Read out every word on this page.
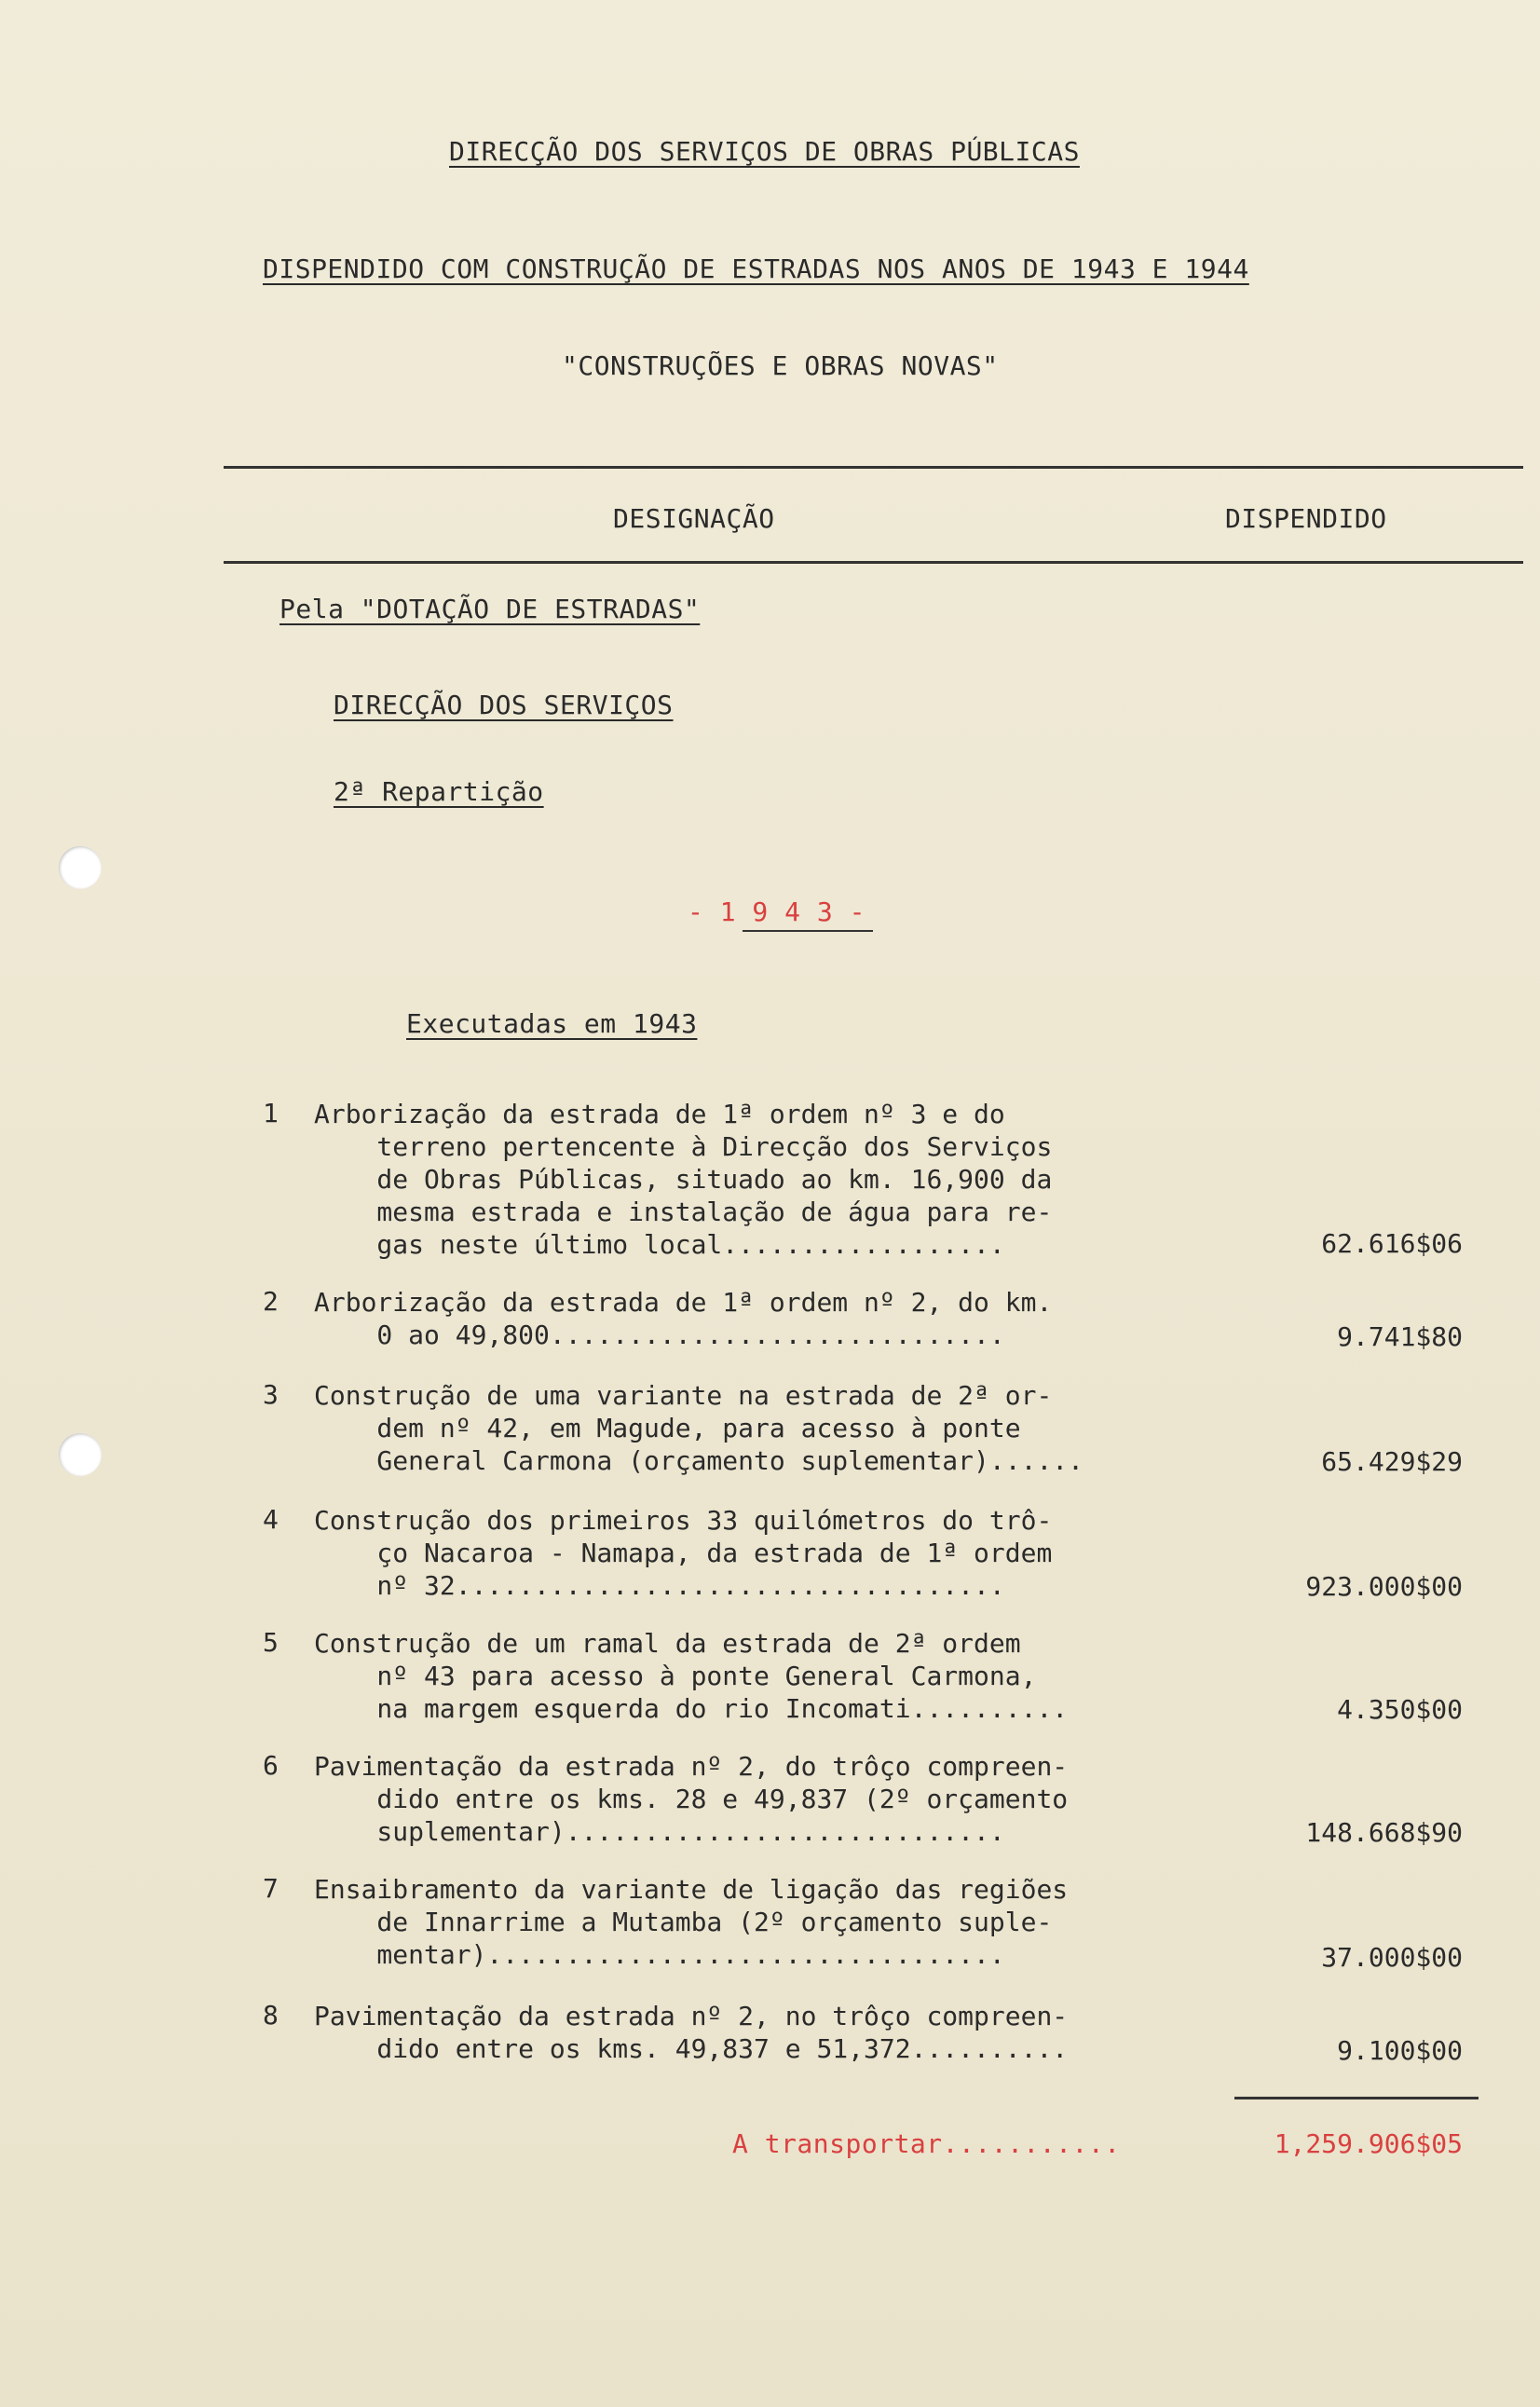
DIRECÇÃO DOS SERVIÇOS DE OBRAS PÚBLICAS
DISPENDIDO COM CONSTRUÇÃO DE ESTRADAS NOS ANOS DE 1943 E 1944
"CONSTRUÇÕES E OBRAS NOVAS"
DESIGNAÇÃO	DISPENDIDO
Pela "DOTAÇÃO DE ESTRADAS"
DIRECÇÃO DOS SERVIÇOS
2ª Repartição
- 1 9 4 3 -
Executadas em 1943
1 Arborização da estrada de 1ª ordem nº 3 e do
terreno pertencente à Direcção dos Serviços
de Obras Públicas, situado ao km. 16,900 da
mesma estrada e instalação de água para re-
gas neste último local..................	62.616$06
2 Arborização da estrada de 1ª ordem nº 2, do km.
0 ao 49,800.............................	9.741$80
3 Construção de uma variante na estrada de 2ª or-
dem nº 42, em Magude, para acesso à ponte
General Carmona (orçamento suplementar)......	65.429$29
4 Construção dos primeiros 33 quilómetros do trô-
ço Nacaroa - Namapa, da estrada de 1ª ordem
nº 32...................................	923.000$00
5 Construção de um ramal da estrada de 2ª ordem
nº 43 para acesso à ponte General Carmona,
na margem esquerda do rio Incomati..........	4.350$00
6 Pavimentação da estrada nº 2, do trôço compreen-
dido entre os kms. 28 e 49,837 (2º orçamento
suplementar)............................	148.668$90
7 Ensaibramento da variante de ligação das regiões
de Innarrime a Mutamba (2º orçamento suple-
mentar).................................	37.000$00
8 Pavimentação da estrada nº 2, no trôço compreen-
dido entre os kms. 49,837 e 51,372..........	9.100$00
A transportar...........	1,259.906$05
